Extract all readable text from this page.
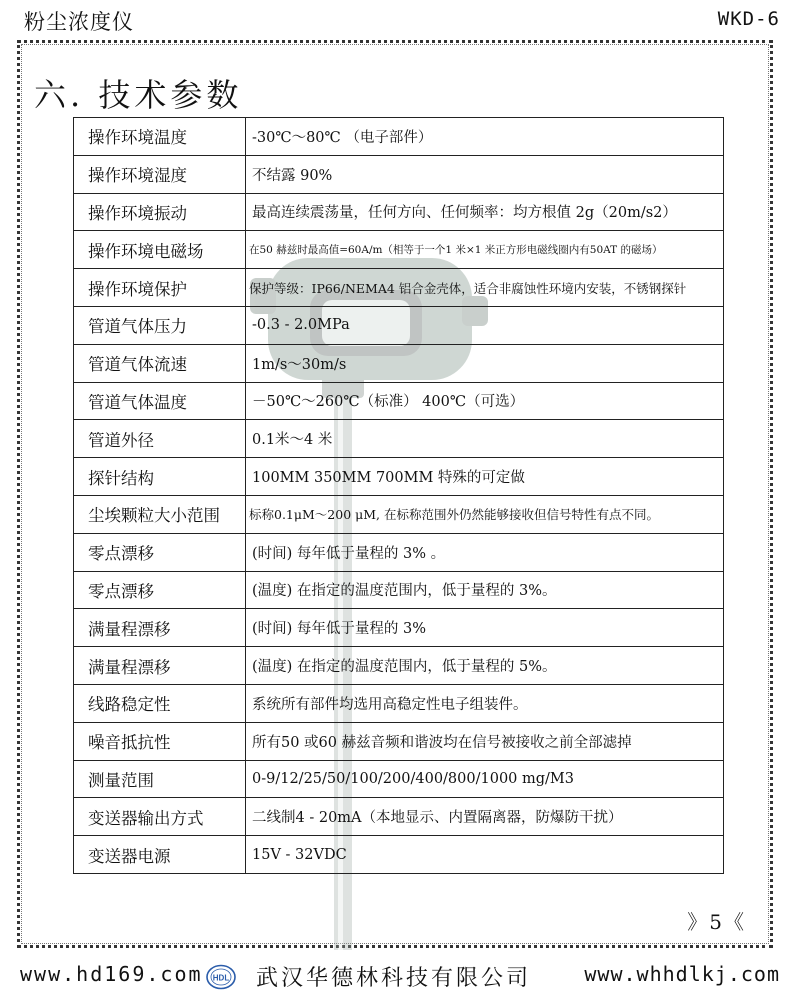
粉尘浓度仪	WKD-6
六. 技术参数
操作环境温度	-30℃～80℃ （电子部件）
操作环境湿度	不结露 90%
操作环境振动	最高连续震荡量，任何方向、任何频率：均方根值 2g（20m/s2）
操作环境电磁场	在50 赫兹时最高值=60A/m（相等于一个1 米×1 米正方形电磁线圈内有50AT 的磁场）
操作环境保护	保护等级：IP66/NEMA4 铝合金壳体，适合非腐蚀性环境内安装，不锈钢探针
管道气体压力	-0.3 - 2.0MPa
管道气体流速	1m/s～30m/s
管道气体温度	－50℃～260℃（标准） 400℃（可选）
管道外径	0.1米～4 米
探针结构	100MM 350MM 700MM 特殊的可定做
尘埃颗粒大小范围	标称0.1μM～200 μM, 在标称范围外仍然能够接收但信号特性有点不同。
零点漂移	(时间) 每年低于量程的 3% 。
零点漂移	(温度) 在指定的温度范围内，低于量程的 3%。
满量程漂移	(时间) 每年低于量程的 3%
满量程漂移	(温度) 在指定的温度范围内，低于量程的 5%。
线路稳定性	系统所有部件均选用高稳定性电子组装件。
噪音抵抗性	所有50 或60 赫兹音频和谐波均在信号被接收之前全部滤掉
测量范围	0-9/12/25/50/100/200/400/800/1000 mg/M3
变送器输出方式	二线制4 - 20mA（本地显示、内置隔离器，防爆防干扰）
变送器电源	15V - 32VDC
》5《
www.hd169.com HDL 武汉华德林科技有限公司	www.whhdlkj.com
